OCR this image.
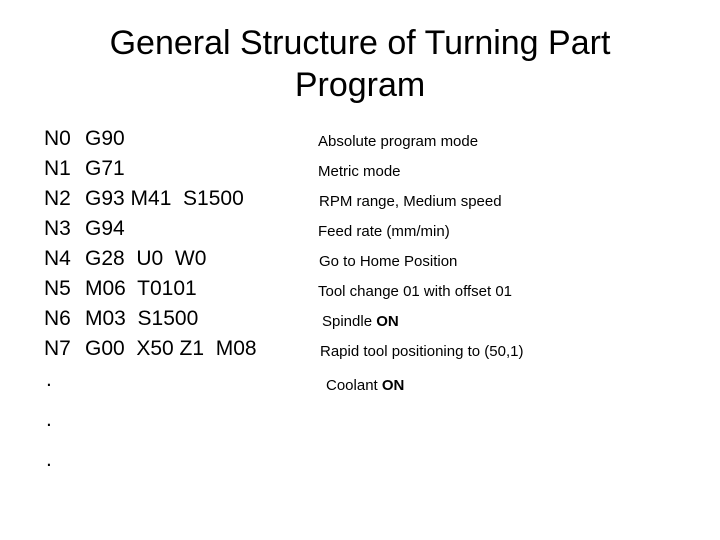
General Structure of Turning Part
Program
N0 G90
N1 G71
N2 G93 M41  S1500
N3 G94
N4 G28  U0  W0
N5 M06  T0101
N6 M03  S1500
N7 G00  X50 Z1  M08
.
.
.
Absolute program mode
Metric mode
RPM range, Medium speed
Feed rate (mm/min)
Go to Home Position
Tool change 01 with offset 01
Spindle ON
Rapid tool positioning to (50,1)
Coolant ON
